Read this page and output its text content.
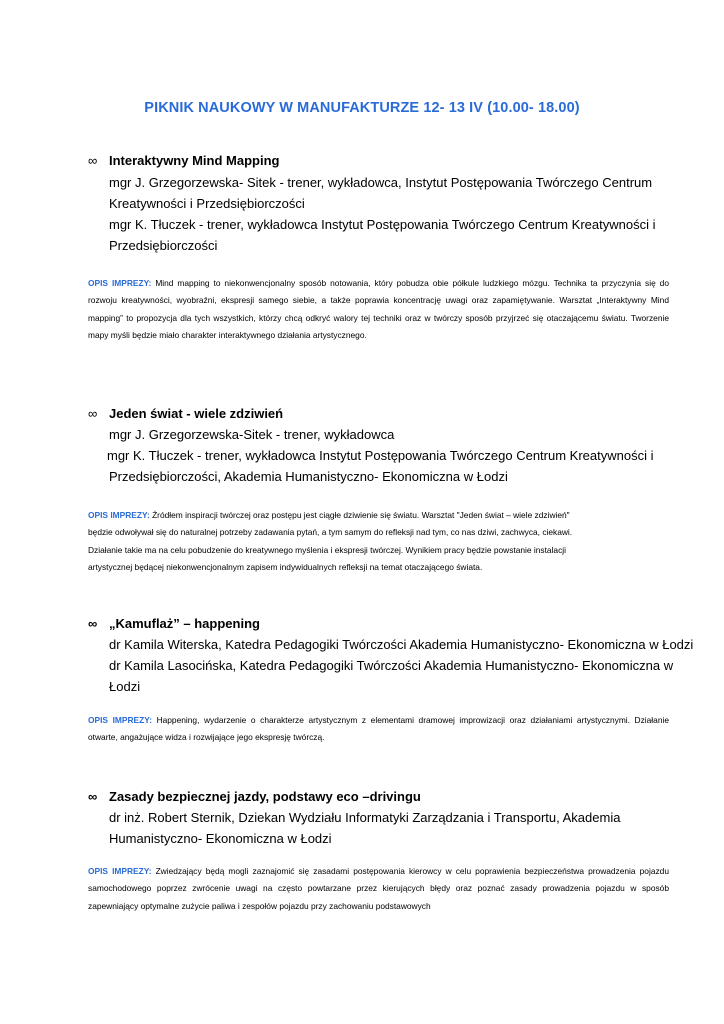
PIKNIK NAUKOWY W MANUFAKTURZE 12- 13 IV (10.00- 18.00)
∞ Interaktywny Mind Mapping
mgr J. Grzegorzewska- Sitek - trener, wykładowca, Instytut Postępowania Twórczego Centrum
Kreatywności i Przedsiębiorczości
mgr K. Tłuczek - trener, wykładowca Instytut Postępowania Twórczego Centrum Kreatywności i
Przedsiębiorczości
OPIS IMPREZY: Mind mapping to niekonwencjonalny sposób notowania, który pobudza obie półkule ludzkiego mózgu. Technika ta przyczynia się do rozwoju kreatywności, wyobraźni, ekspresji samego siebie, a także poprawia koncentrację uwagi oraz zapamiętywanie. Warsztat „Interaktywny Mind mapping” to propozycja dla tych wszystkich, którzy chcą odkryć walory tej techniki oraz w twórczy sposób przyjrzeć się otaczającemu światu. Tworzenie mapy myśli będzie miało charakter interaktywnego działania artystycznego.
∞ Jeden świat - wiele zdziwień
mgr J. Grzegorzewska-Sitek - trener, wykładowca
mgr K. Tłuczek - trener, wykładowca Instytut Postępowania Twórczego Centrum Kreatywności i
Przedsiębiorczości, Akademia Humanistyczno- Ekonomiczna w Łodzi
OPIS IMPREZY: Źródłem inspiracji twórczej oraz postępu jest ciągłe dziwienie się światu. Warsztat "Jeden świat – wiele zdziwień"
będzie odwoływał się do naturalnej potrzeby zadawania pytań, a tym samym do refleksji nad tym, co nas dziwi, zachwyca, ciekawi.
Działanie takie ma na celu pobudzenie do kreatywnego myślenia i ekspresji twórczej. Wynikiem pracy będzie powstanie instalacji
artystycznej będącej niekonwencjonalnym zapisem indywidualnych refleksji na temat otaczającego świata.
∞ „Kamuflaż” – happening
dr Kamila Witerska, Katedra Pedagogiki Twórczości Akademia Humanistyczno- Ekonomiczna w Łodzi
dr Kamila Lasocińska, Katedra Pedagogiki Twórczości Akademia Humanistyczno- Ekonomiczna w
Łodzi
OPIS IMPREZY: Happening, wydarzenie o charakterze artystycznym z elementami dramowej improwizacji oraz działaniami artystycznymi. Działanie otwarte, angażujące widza i rozwijające jego ekspresję twórczą.
∞ Zasady bezpiecznej jazdy, podstawy eco –drivingu
dr inż. Robert Sternik, Dziekan Wydziału Informatyki Zarządzania i Transportu, Akademia
Humanistyczno- Ekonomiczna w Łodzi
OPIS IMPREZY: Zwiedzający będą mogli zaznajomić się zasadami postępowania kierowcy w celu poprawienia bezpieczeństwa prowadzenia pojazdu samochodowego poprzez zwrócenie uwagi na często powtarzane przez kierujących błędy oraz poznać zasady prowadzenia pojazdu w sposób zapewniający optymalne zużycie paliwa i zespołów pojazdu przy zachowaniu podstawowych
